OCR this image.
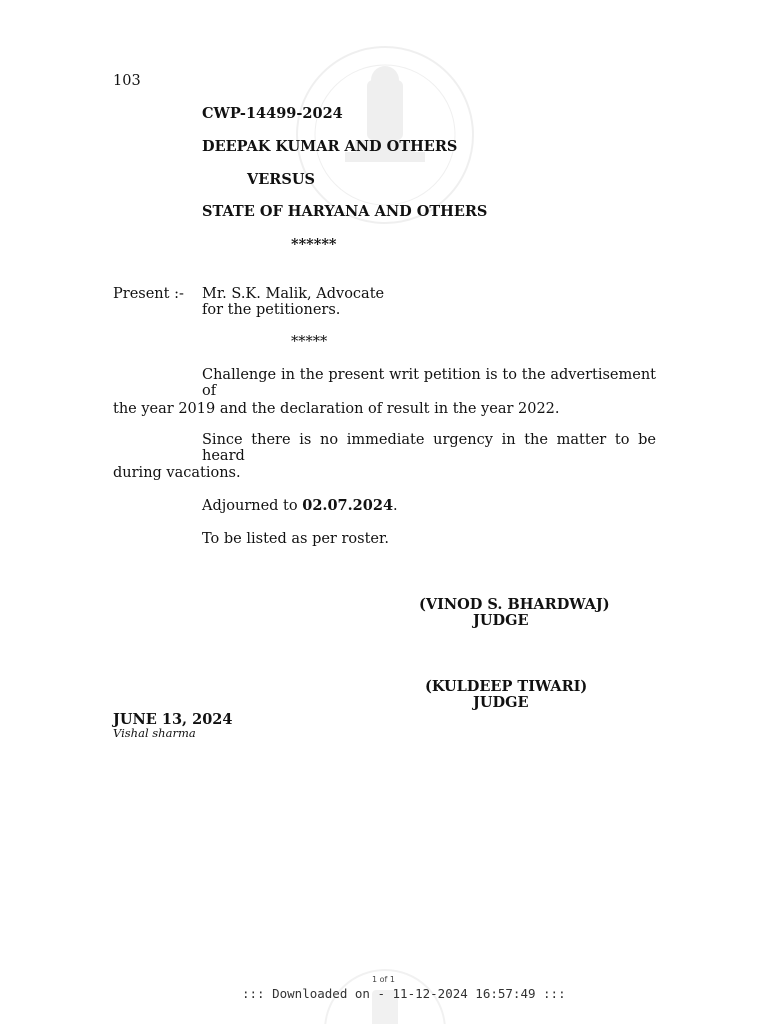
103
CWP-14499-2024
DEEPAK KUMAR AND OTHERS
VERSUS
STATE OF HARYANA AND OTHERS
******
Present :- Mr. S.K. Malik, Advocate
for the petitioners.
*****
Challenge in the present writ petition is to the advertisement of
the year 2019 and the declaration of result in the year 2022.
Since there is no immediate urgency in the matter to be heard
during vacations.
Adjourned to 02.07.2024.
To be listed as per roster.
(VINOD S. BHARDWAJ)
JUDGE
(KULDEEP TIWARI)
JUDGE
JUNE 13, 2024
Vishal sharma
1 of 1
::: Downloaded on - 11-12-2024 16:57:49 :::
